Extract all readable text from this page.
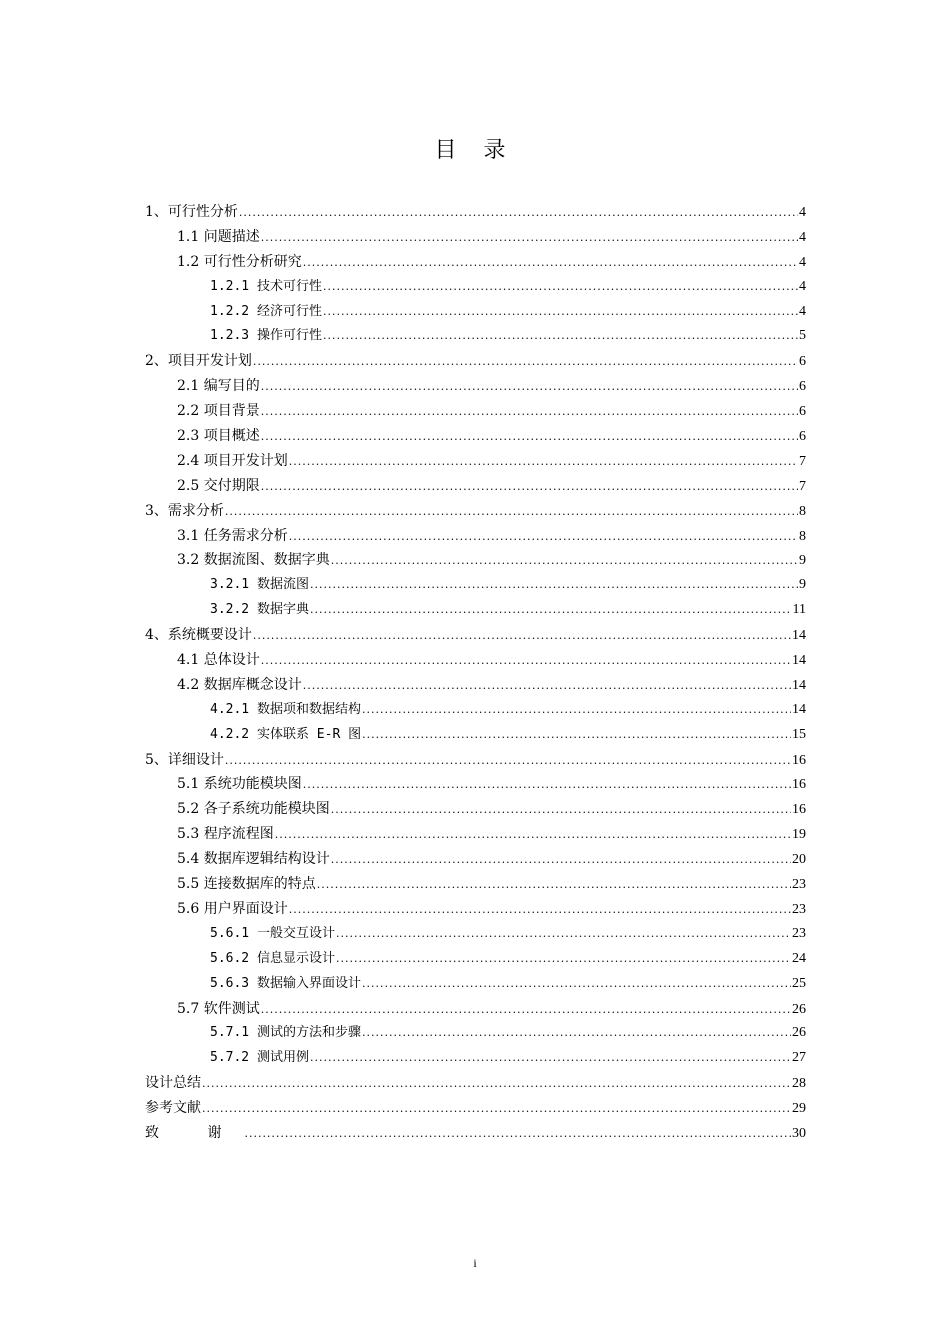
目 录
1、可行性分析 .....	4
1.1 问题描述 .....	4
1.2 可行性分析研究 .....	4
1.2.1 技术可行性 .....	4
1.2.2 经济可行性 .....	4
1.2.3 操作可行性 .....	5
2、项目开发计划 .....	6
2.1 编写目的 .....	6
2.2 项目背景 .....	6
2.3 项目概述 .....	6
2.4 项目开发计划 .....	7
2.5 交付期限 .....	7
3、需求分析 .....	8
3.1 任务需求分析 .....	8
3.2 数据流图、数据字典 .....	9
3.2.1 数据流图 .....	9
3.2.2 数据字典 .....	11
4、系统概要设计 .....	14
4.1 总体设计 .....	14
4.2 数据库概念设计 .....	14
4.2.1 数据项和数据结构 .....	14
4.2.2 实体联系 E-R 图 .....	15
5、详细设计 .....	16
5.1 系统功能模块图 .....	16
5.2 各子系统功能模块图 .....	16
5.3 程序流程图 .....	19
5.4 数据库逻辑结构设计 .....	20
5.5 连接数据库的特点 .....	23
5.6 用户界面设计 .....	23
5.6.1 一般交互设计 .....	23
5.6.2 信息显示设计 .....	24
5.6.3 数据输入界面设计 .....	25
5.7 软件测试 .....	26
5.7.1 测试的方法和步骤 .....	26
5.7.2 测试用例 .....	27
设计总结 .....	28
参考文献 .....	29
致 谢 .....	30
i
